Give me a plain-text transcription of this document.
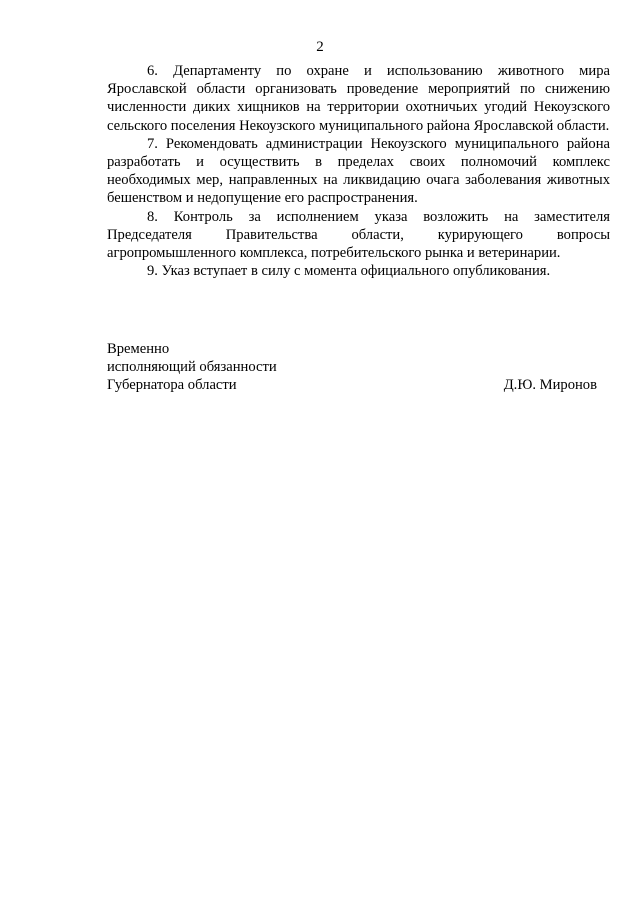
2

6. Департаменту по охране и использованию животного мира Ярославской области организовать проведение мероприятий по снижению численности диких хищников на территории охотничьих угодий Некоузского сельского поселения Некоузского муниципального района Ярославской области.

7. Рекомендовать администрации Некоузского муниципального района разработать и осуществить в пределах своих полномочий комплекс необходимых мер, направленных на ликвидацию очага заболевания животных бешенством и недопущение его распространения.

8. Контроль за исполнением указа возложить на заместителя Председателя Правительства области, курирующего вопросы агропромышленного комплекса, потребительского рынка и ветеринарии.

9. Указ вступает в силу с момента официального опубликования.

Временно
исполняющий обязанности
Губернатора области	Д.Ю. Миронов
